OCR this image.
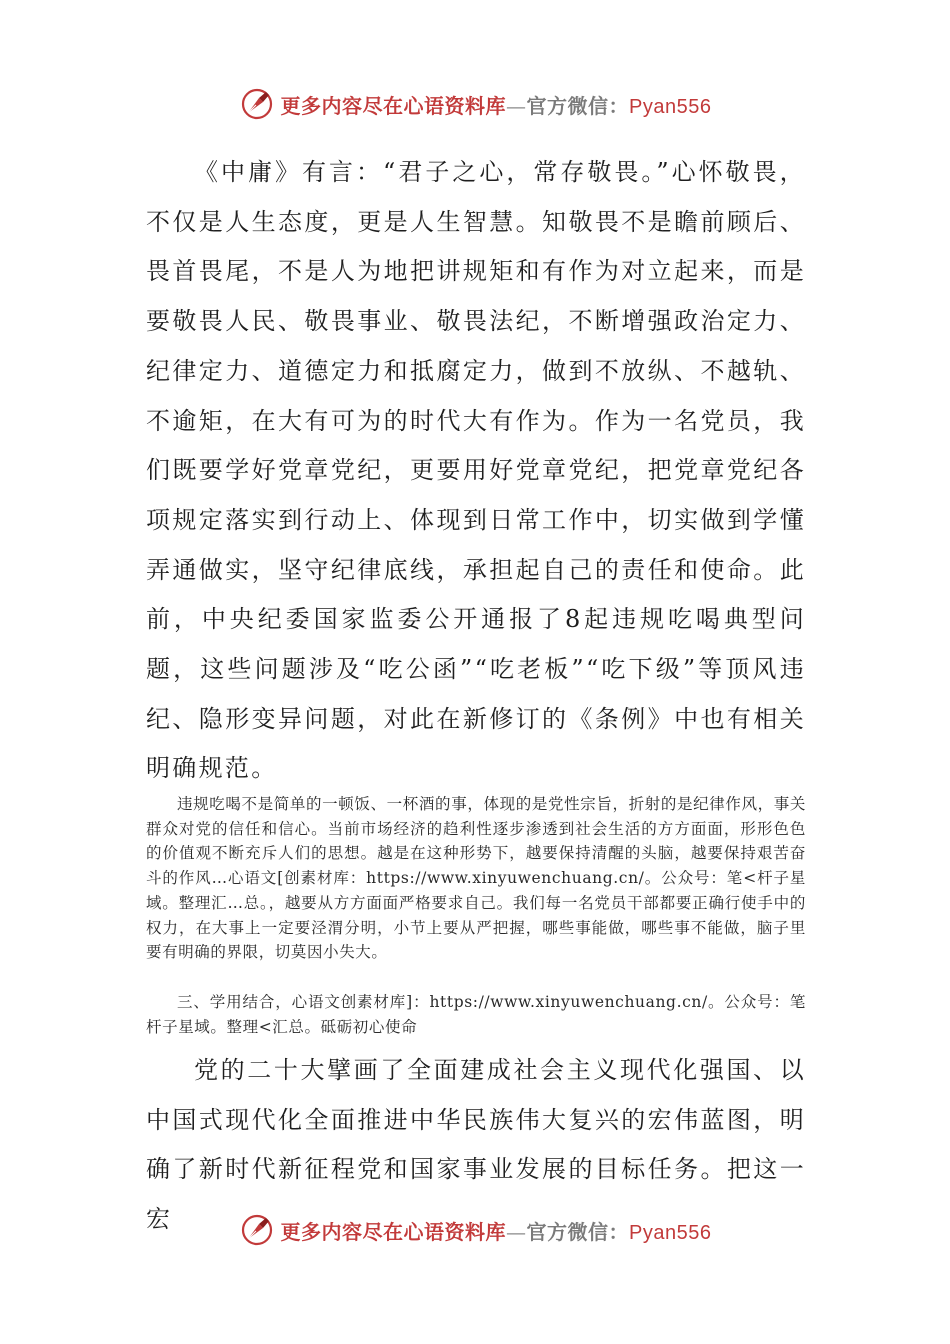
更多内容尽在心语资料库—官方微信：Pyan556

《中庸》有言：“君子之心，常存敬畏。”心怀敬畏，不仅是人生态度，更是人生智慧。知敬畏不是瞻前顾后、畏首畏尾，不是人为地把讲规矩和有作为对立起来，而是要敬畏人民、敬畏事业、敬畏法纪，不断增强政治定力、纪律定力、道德定力和抵腐定力，做到不放纵、不越轨、不逾矩，在大有可为的时代大有作为。作为一名党员，我们既要学好党章党纪，更要用好党章党纪，把党章党纪各项规定落实到行动上、体现到日常工作中，切实做到学懂弄通做实，坚守纪律底线，承担起自己的责任和使命。此前，中央纪委国家监委公开通报了8起违规吃喝典型问题，这些问题涉及“吃公函”“吃老板”“吃下级”等顶风违纪、隐形变异问题，对此在新修订的《条例》中也有相关明确规范。

违规吃喝不是简单的一顿饭、一杯酒的事，体现的是党性宗旨，折射的是纪律作风，事关群众对党的信任和信心。当前市场经济的趋利性逐步渗透到社会生活的方方面面，形形色色的价值观不断充斥人们的思想。越是在这种形势下，越要保持清醒的头脑，越要保持艰苦奋斗的作风…心语文[创素材库：https://www.xinyuwenchuang.cn/。公众号：笔<杆子星域。整理汇…总。，越要从方方面面严格要求自己。我们每一名党员干部都要正确行使手中的权力，在大事上一定要泾渭分明，小节上要从严把握，哪些事能做，哪些事不能做，脑子里要有明确的界限，切莫因小失大。

三、学用结合，心语文创素材库]：https://www.xinyuwenchuang.cn/。公众号：笔杆子星域。整理<汇总。砥砺初心使命

党的二十大擘画了全面建成社会主义现代化强国、以中国式现代化全面推进中华民族伟大复兴的宏伟蓝图，明确了新时代新征程党和国家事业发展的目标任务。把这一宏	更多内容尽在心语资料库—官方微信：Pyan556
